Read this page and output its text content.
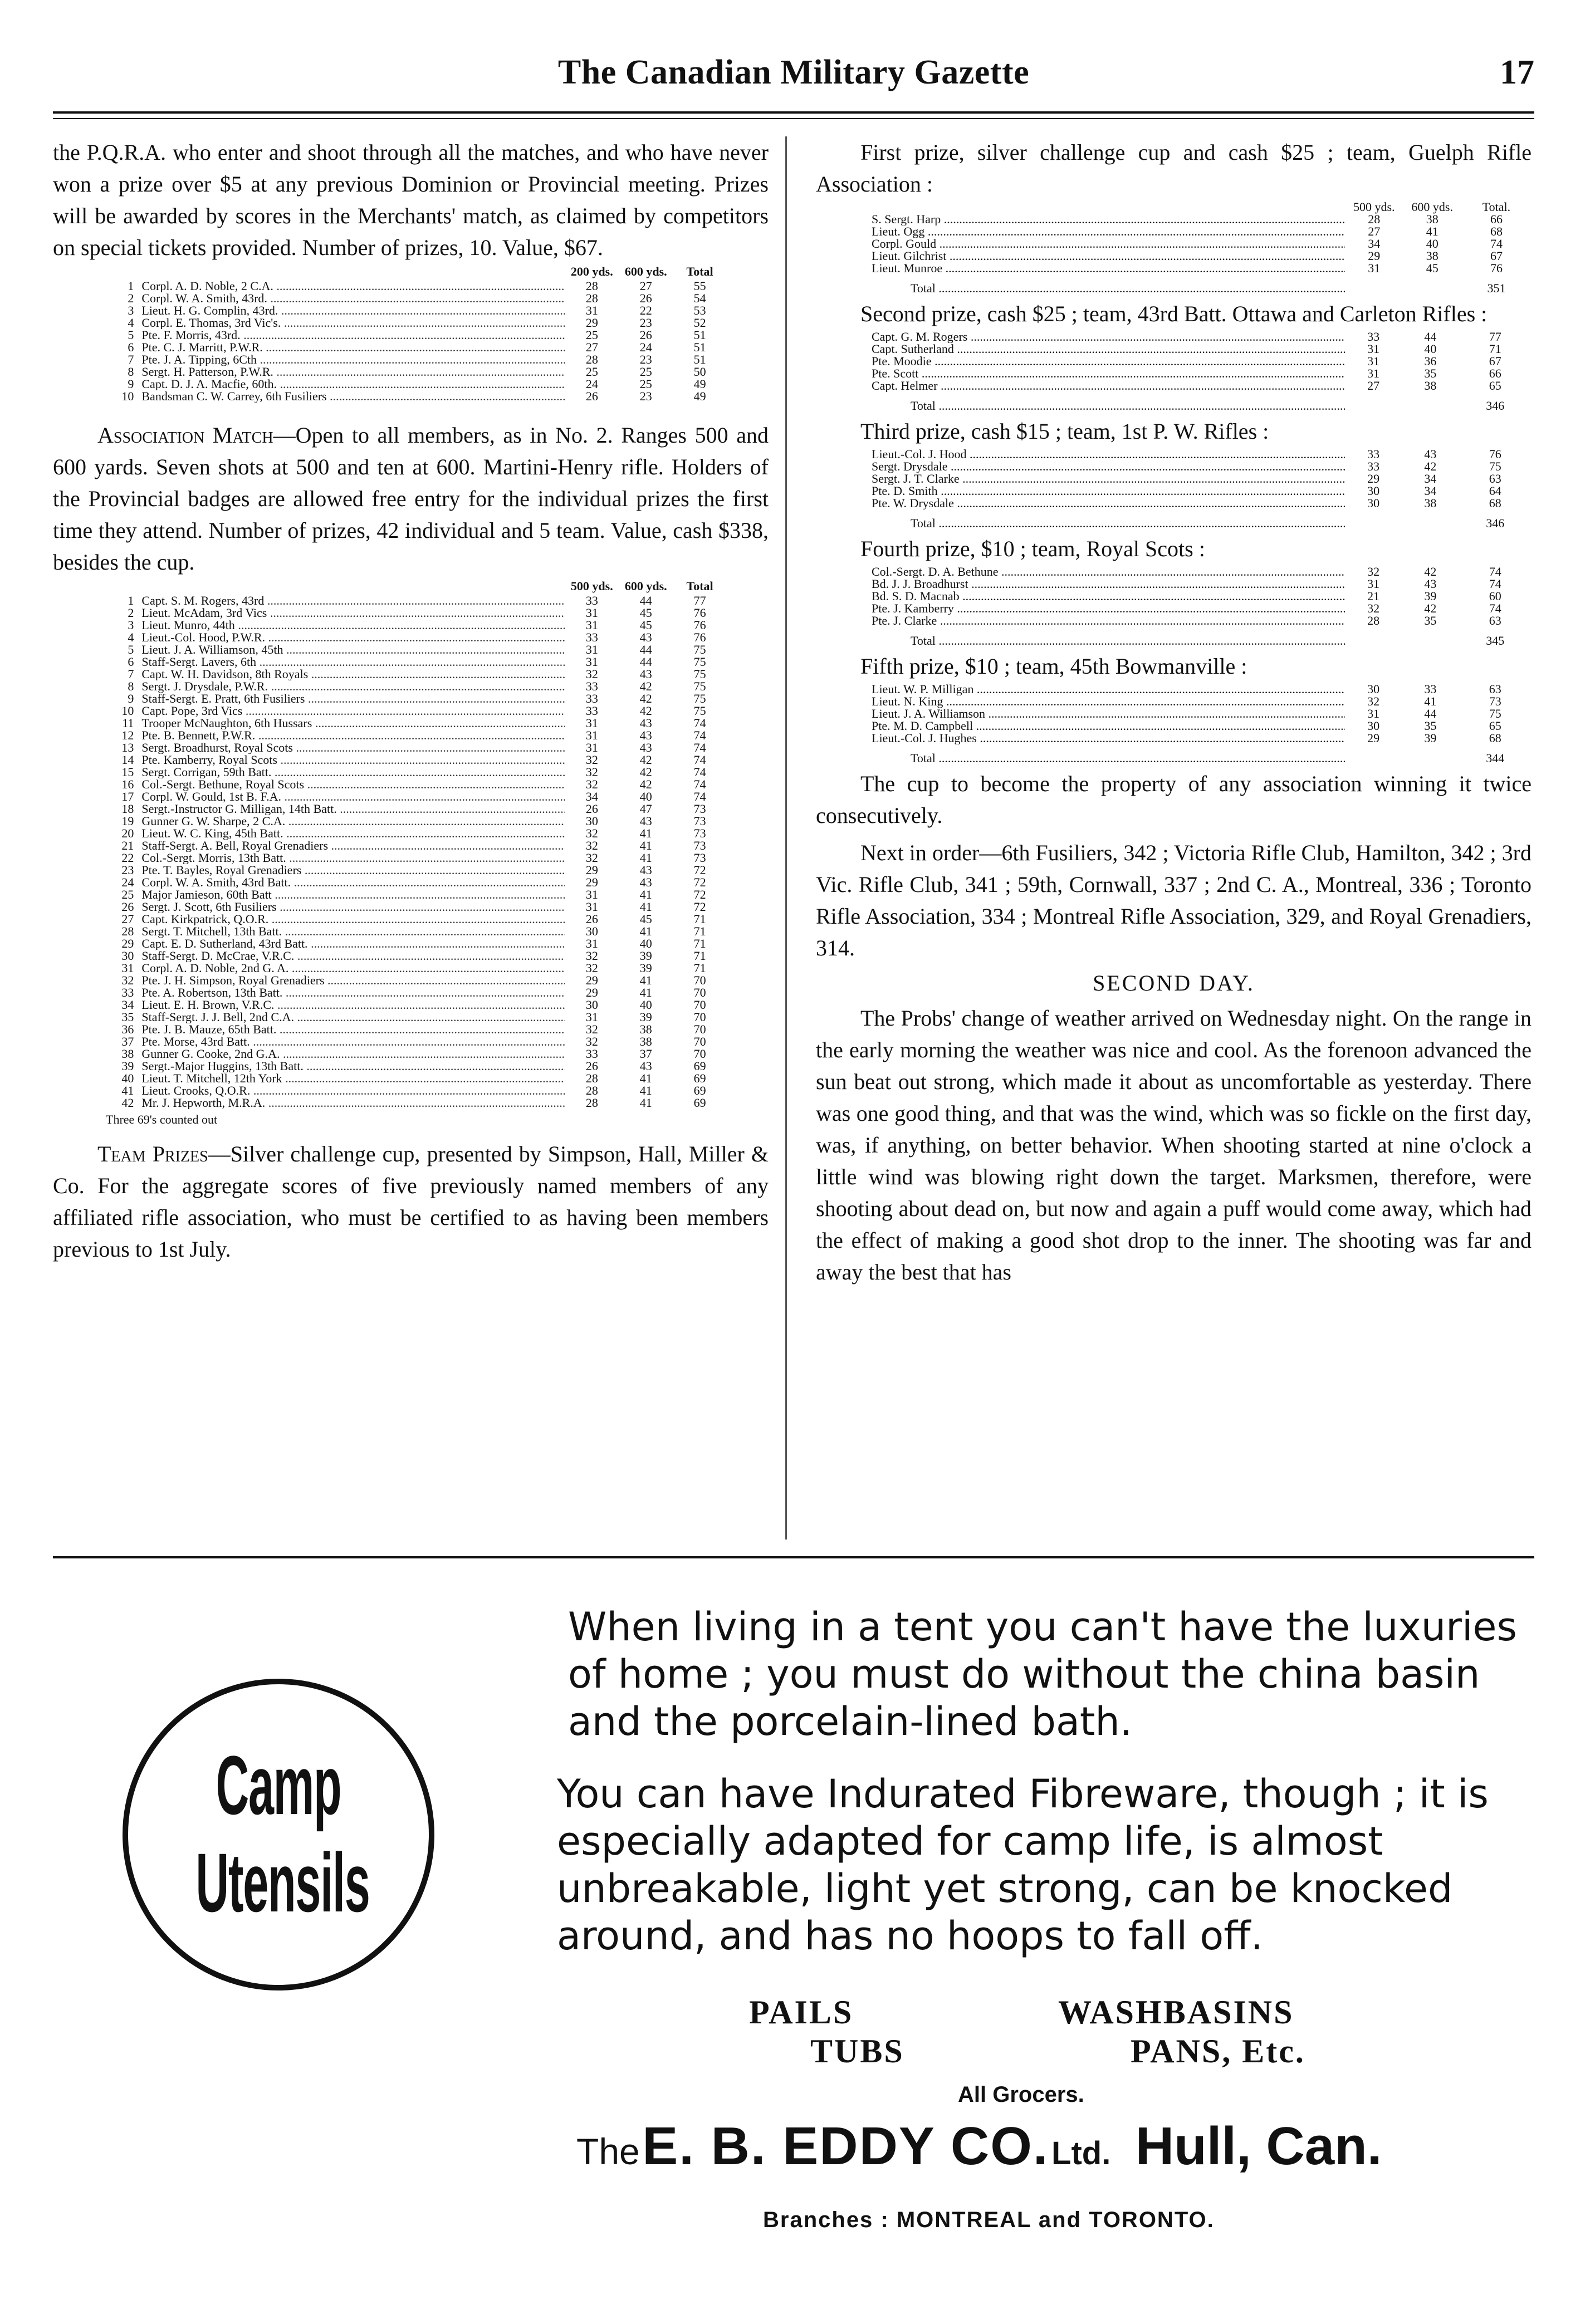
The Canadian Military Gazette	17

the P.Q.R.A. who enter and shoot through all the matches, and who have never won a prize over $5 at any previous Dominion or Provincial meeting. Prizes will be awarded by scores in the Merchants' match, as claimed by competitors on special tickets provided. Number of prizes, 10. Value, $67.

		200 yds.	600 yds.	Total
1	Corpl. A. D. Noble, 2 C.A. .....	28	27	55
2	Corpl. W. A. Smith, 43rd. .....	28	26	54
3	Lieut. H. G. Complin, 43rd. .....	31	22	53
4	Corpl. E. Thomas, 3rd Vic's. .....	29	23	52
5	Pte. F. Morris, 43rd. .....	25	26	51
6	Pte. C. J. Marritt, P.W.R. .....	27	24	51
7	Pte. J. A. Tipping, 6Cth .....	28	23	51
8	Sergt. H. Patterson, P.W.R. .....	25	25	50
9	Capt. D. J. A. Macfie, 60th. .....	24	25	49
10	Bandsman C. W. Carrey, 6th Fusiliers .....	26	23	49

Association Match—Open to all members, as in No. 2. Ranges 500 and 600 yards. Seven shots at 500 and ten at 600. Martini-Henry rifle. Holders of the Provincial badges are allowed free entry for the individual prizes the first time they attend. Number of prizes, 42 individual and 5 team. Value, cash $338, besides the cup.

		500 yds.	600 yds.	Total
1	Capt. S. M. Rogers, 43rd .....	33	44	77
2	Lieut. McAdam, 3rd Vics .....	31	45	76
3	Lieut. Munro, 44th .....	31	45	76
4	Lieut.-Col. Hood, P.W.R. .....	33	43	76
5	Lieut. J. A. Williamson, 45th .....	31	44	75
6	Staff-Sergt. Lavers, 6th .....	31	44	75
7	Capt. W. H. Davidson, 8th Royals .....	32	43	75
8	Sergt. J. Drysdale, P.W.R. .....	33	42	75
9	Staff-Sergt. E. Pratt, 6th Fusiliers .....	33	42	75
10	Capt. Pope, 3rd Vics .....	33	42	75
11	Trooper McNaughton, 6th Hussars .....	31	43	74
12	Pte. B. Bennett, P.W.R. .....	31	43	74
13	Sergt. Broadhurst, Royal Scots .....	31	43	74
14	Pte. Kamberry, Royal Scots .....	32	42	74
15	Sergt. Corrigan, 59th Batt. .....	32	42	74
16	Col.-Sergt. Bethune, Royal Scots .....	32	42	74
17	Corpl. W. Gould, 1st B. F.A. .....	34	40	74
18	Sergt.-Instructor G. Milligan, 14th Batt. .....	26	47	73
19	Gunner G. W. Sharpe, 2 C.A. .....	30	43	73
20	Lieut. W. C. King, 45th Batt. .....	32	41	73
21	Staff-Sergt. A. Bell, Royal Grenadiers .....	32	41	73
22	Col.-Sergt. Morris, 13th Batt. .....	32	41	73
23	Pte. T. Bayles, Royal Grenadiers .....	29	43	72
24	Corpl. W. A. Smith, 43rd Batt. .....	29	43	72
25	Major Jamieson, 60th Batt .....	31	41	72
26	Sergt. J. Scott, 6th Fusiliers .....	31	41	72
27	Capt. Kirkpatrick, Q.O.R. .....	26	45	71
28	Sergt. T. Mitchell, 13th Batt. .....	30	41	71
29	Capt. E. D. Sutherland, 43rd Batt. .....	31	40	71
30	Staff-Sergt. D. McCrae, V.R.C. .....	32	39	71
31	Corpl. A. D. Noble, 2nd G. A. .....	32	39	71
32	Pte. J. H. Simpson, Royal Grenadiers .....	29	41	70
33	Pte. A. Robertson, 13th Batt. .....	29	41	70
34	Lieut. E. H. Brown, V.R.C. .....	30	40	70
35	Staff-Sergt. J. J. Bell, 2nd C.A. .....	31	39	70
36	Pte. J. B. Mauze, 65th Batt. .....	32	38	70
37	Pte. Morse, 43rd Batt. .....	32	38	70
38	Gunner G. Cooke, 2nd G.A. .....	33	37	70
39	Sergt.-Major Huggins, 13th Batt. .....	26	43	69
40	Lieut. T. Mitchell, 12th York .....	28	41	69
41	Lieut. Crooks, Q.O.R. .....	28	41	69
42	Mr. J. Hepworth, M.R.A. .....	28	41	69
Three 69's counted out

Team Prizes—Silver challenge cup, presented by Simpson, Hall, Miller & Co. For the aggregate scores of five previously named members of any affiliated rifle association, who must be certified to as having been members previous to 1st July.

First prize, silver challenge cup and cash $25 ; team, Guelph Rifle Association :

	500 yds.	600 yds.	Total.
S. Sergt. Harp .....	28	38	66
Lieut. Ogg .....	27	41	68
Corpl. Gould .....	34	40	74
Lieut. Gilchrist .....	29	38	67
Lieut. Munroe .....	31	45	76
Total .....			351

Second prize, cash $25 ; team, 43rd Batt. Ottawa and Carleton Rifles :

Capt. G. M. Rogers .....	33	44	77
Capt. Sutherland .....	31	40	71
Pte. Moodie .....	31	36	67
Pte. Scott .....	31	35	66
Capt. Helmer .....	27	38	65
Total .....			346

Third prize, cash $15 ; team, 1st P. W. Rifles :

Lieut.-Col. J. Hood .....	33	43	76
Sergt. Drysdale .....	33	42	75
Sergt. J. T. Clarke .....	29	34	63
Pte. D. Smith .....	30	34	64
Pte. W. Drysdale .....	30	38	68
Total .....			346

Fourth prize, $10 ; team, Royal Scots :

Col.-Sergt. D. A. Bethune .....	32	42	74
Bd. J. J. Broadhurst .....	31	43	74
Bd. S. D. Macnab .....	21	39	60
Pte. J. Kamberry .....	32	42	74
Pte. J. Clarke .....	28	35	63
Total .....			345

Fifth prize, $10 ; team, 45th Bowmanville :

Lieut. W. P. Milligan .....	30	33	63
Lieut. N. King .....	32	41	73
Lieut. J. A. Williamson .....	31	44	75
Pte. M. D. Campbell .....	30	35	65
Lieut.-Col. J. Hughes .....	29	39	68
Total .....			344

The cup to become the property of any association winning it twice consecutively.

Next in order—6th Fusiliers, 342 ; Victoria Rifle Club, Hamilton, 342 ; 3rd Vic. Rifle Club, 341 ; 59th, Cornwall, 337 ; 2nd C. A., Montreal, 336 ; Toronto Rifle Association, 334 ; Montreal Rifle Association, 329, and Royal Grenadiers, 314.

SECOND DAY.

The Probs' change of weather arrived on Wednesday night. On the range in the early morning the weather was nice and cool. As the forenoon advanced the sun beat out strong, which made it about as uncomfortable as yesterday. There was one good thing, and that was the wind, which was so fickle on the first day, was, if anything, on better behavior. When shooting started at nine o'clock a little wind was blowing right down the target. Marksmen, therefore, were shooting about dead on, but now and again a puff would come away, which had the effect of making a good shot drop to the inner. The shooting was far and away the best that has

Camp
Utensils
When living in a tent you can't have the luxuries of home ; you must do without the china basin and the porcelain-lined bath.
You can have Indurated Fibreware, though ; it is especially adapted for camp life, is almost unbreakable, light yet strong, can be knocked around, and has no hoops to fall off.
PAILS	WASHBASINS
TUBS	PANS, Etc.
All Grocers.
The E. B. EDDY CO. Ltd. Hull, Can.
Branches : MONTREAL and TORONTO.
